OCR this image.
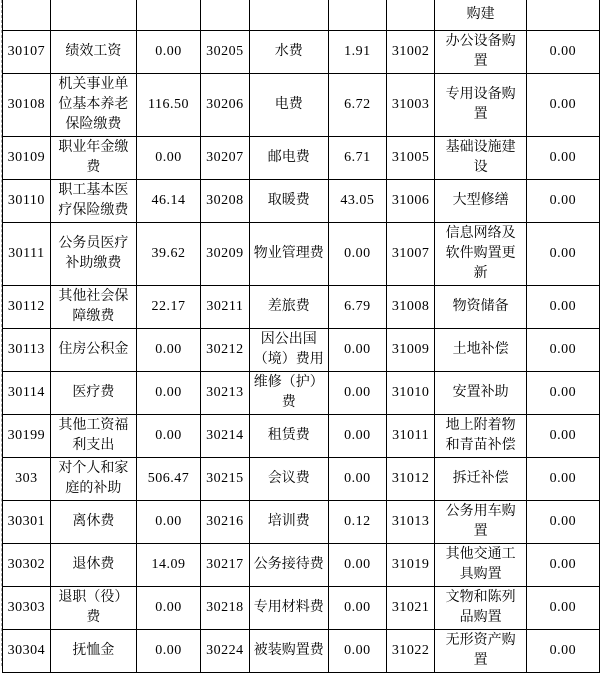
							购建	
30107	绩效工资	0.00	30205	水费	1.91	31002	办公设备购置	0.00
30108	机关事业单位基本养老保险缴费	116.50	30206	电费	6.72	31003	专用设备购置	0.00
30109	职业年金缴费	0.00	30207	邮电费	6.71	31005	基础设施建设	0.00
30110	职工基本医疗保险缴费	46.14	30208	取暖费	43.05	31006	大型修缮	0.00
30111	公务员医疗补助缴费	39.62	30209	物业管理费	0.00	31007	信息网络及软件购置更新	0.00
30112	其他社会保障缴费	22.17	30211	差旅费	6.79	31008	物资储备	0.00
30113	住房公积金	0.00	30212	因公出国（境）费用	0.00	31009	土地补偿	0.00
30114	医疗费	0.00	30213	维修（护）费	0.00	31010	安置补助	0.00
30199	其他工资福利支出	0.00	30214	租赁费	0.00	31011	地上附着物和青苗补偿	0.00
303	对个人和家庭的补助	506.47	30215	会议费	0.00	31012	拆迁补偿	0.00
30301	离休费	0.00	30216	培训费	0.12	31013	公务用车购置	0.00
30302	退休费	14.09	30217	公务接待费	0.00	31019	其他交通工具购置	0.00
30303	退职（役）费	0.00	30218	专用材料费	0.00	31021	文物和陈列品购置	0.00
30304	抚恤金	0.00	30224	被装购置费	0.00	31022	无形资产购置	0.00
